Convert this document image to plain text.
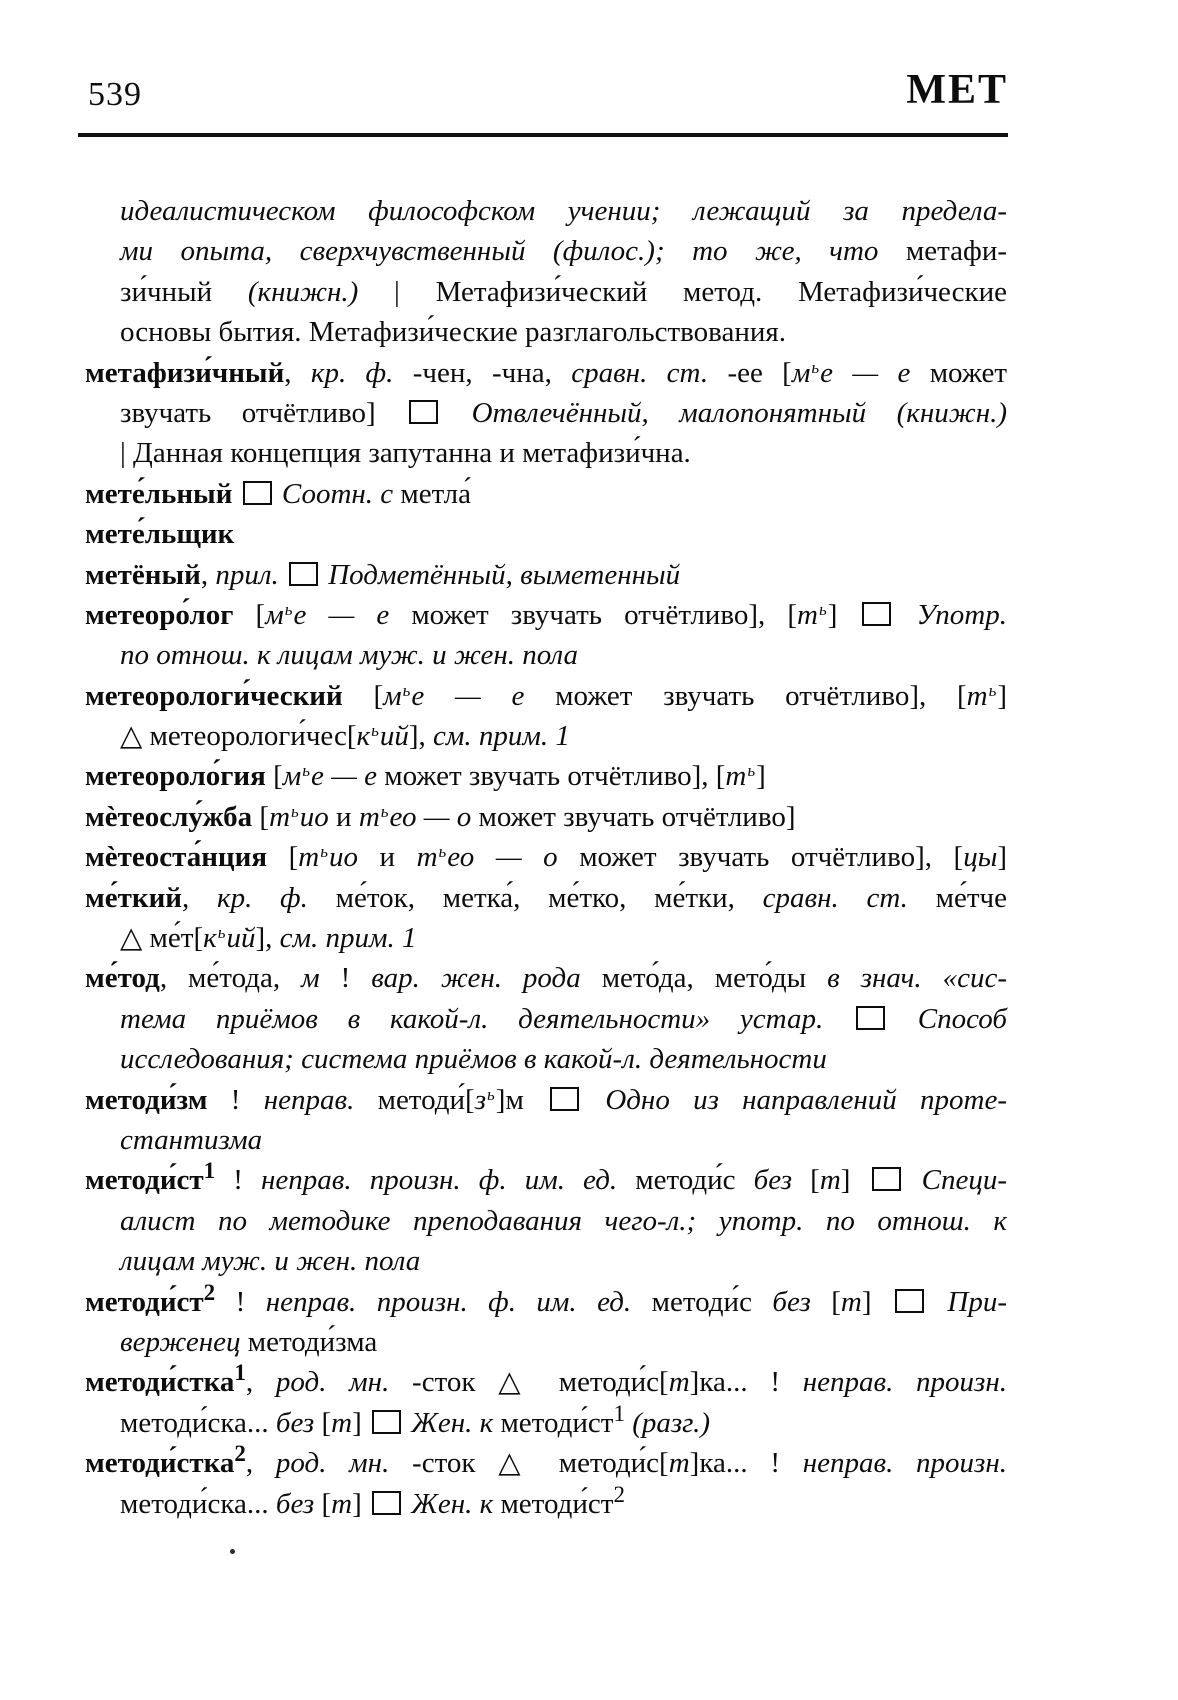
539	МЕТ
идеалистическом философском учении; лежащий за предела-
ми опыта, сверхчувственный (филос.); то же, что метафи-
зи́чный (книжн.) | Метафизи́ческий метод. Метафизи́ческие
основы бытия. Метафизи́ческие разглагольствования.
метафизи́чный, кр. ф. -чен, -чна, сравн. ст. -ее [$м^ье$ — е может
звучать отчётливо]  Отвлечённый, малопонятный (книжн.)
| Данная концепция запутанна и метафизи́чна.
мете́льный  Соотн. с метла́
мете́льщик
метёный, прил.  Подметённый, выметенный
метеоро́лог [$м^ье$ — е может звучать отчётливо], $[т^ь]$  Употр.
по отнош. к лицам муж. и жен. пола
метеорологи́ческий [$м^ье$ — е может звучать отчётливо], $[т^ь]$
△ $метеорологи́чес[к^ьий]$, см. прим. 1
метеороло́гия [$м^ье$ — е может звучать отчётливо], $[т^ь]$
мѐтеослу́жба [$т^ьио$ и $т^ьео$ — о может звучать отчётливо]
мѐтеоста́нция [$т^ьио$ и $т^ьео$ — о может звучать отчётливо], [цы]
ме́ткий, кр. ф. ме́ток, метка́, ме́тко, ме́тки, сравн. ст. ме́тче
△ $ме́т[к^ьий]$, см. прим. 1
ме́тод, ме́тода, м ! вар. жен. рода мето́да, мето́ды в знач. «сис-
тема приёмов в какой-л. деятельности» устар.  Способ
исследования; система приёмов в какой-л. деятельности
методи́зм ! неправ. $методи́[з^ь]м$  Одно из направлений проте-
стантизма
$методи́ст^1$ ! неправ. произн. ф. им. ед. методи́с без [т]  Специ-
алист по методике преподавания чего-л.; употр. по отнош. к
лицам муж. и жен. пола
$методи́ст^2$ ! неправ. произн. ф. им. ед. методи́с без [т]  При-
верженец методи́зма
методи́стка$^1$, род. мн. -сток △ методи́с[т]ка... ! неправ. произн.
методи́ска... без [т]  Жен. к $методи́ст^1$ (разг.)
методи́стка$^2$, род. мн. -сток △ методи́с[т]ка... ! неправ. произн.
методи́ска... без [т]  Жен. к $методи́ст^2$
